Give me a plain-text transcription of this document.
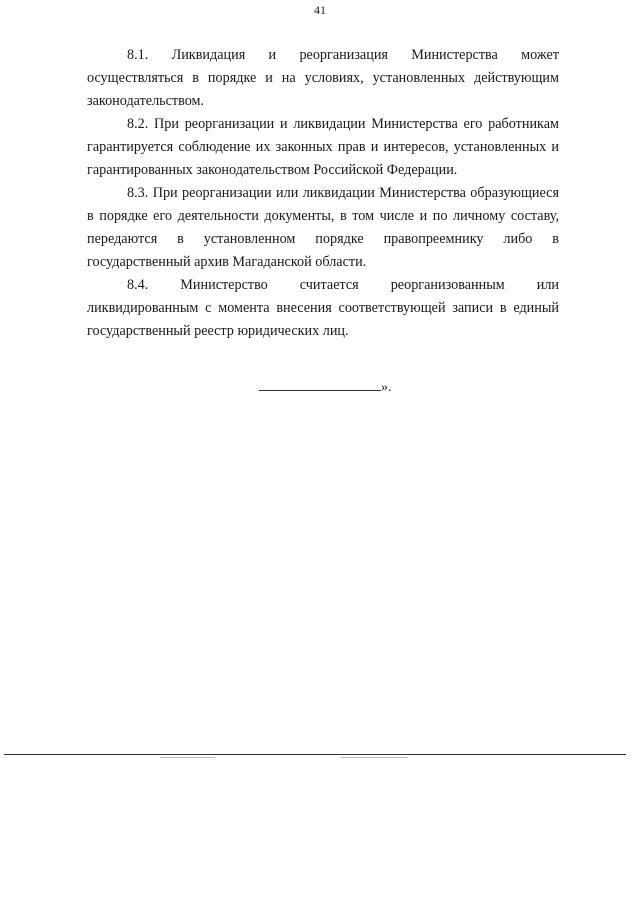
41

8.1. Ликвидация и реорганизация Министерства может осуществляться в порядке и на условиях, установленных действующим законодательством.

8.2. При реорганизации и ликвидации Министерства его работникам гарантируется соблюдение их законных прав и интересов, установленных и гарантированных законодательством Российской Федерации.

8.3. При реорганизации или ликвидации Министерства образующиеся в порядке его деятельности документы, в том числе и по личному составу, передаются в установленном порядке правопреемнику либо в государственный архив Магаданской области.

8.4. Министерство считается реорганизованным или ликвидированным с момента внесения соответствующей записи в единый государственный реестр юридических лиц.

».
